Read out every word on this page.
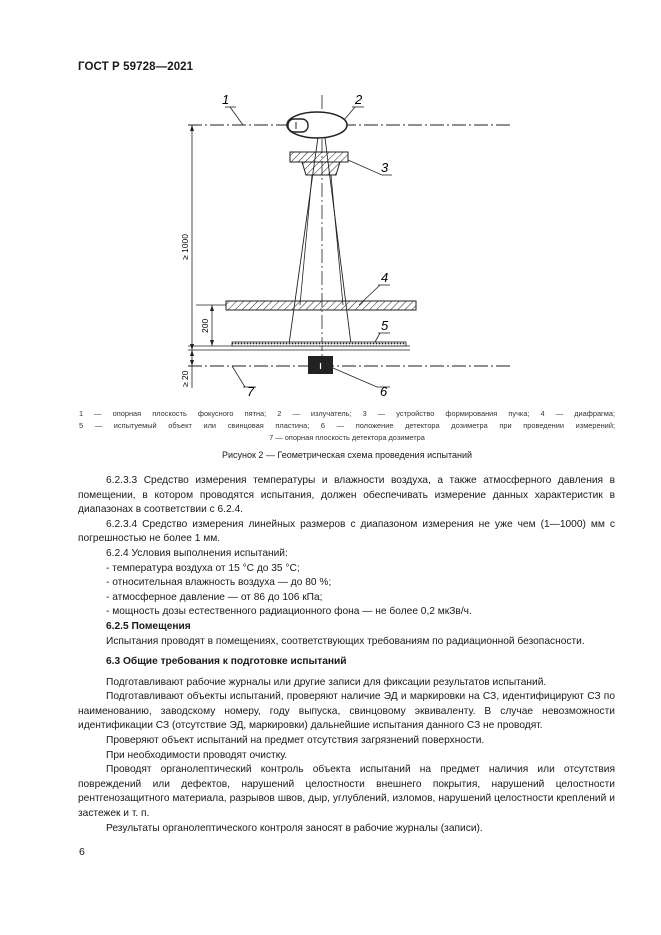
ГОСТ Р 59728—2021
1	2
3
4
5
6
7
≥ 1000
200
≥ 20
1 — опорная плоскость фокусного пятна; 2 — излучатель; 3 — устройство формирования пучка; 4 — диафрагма;
5 — испытуемый объект или свинцовая пластина; 6 — положение детектора дозиметра при проведении измерений;
7 — опорная плоскость детектора дозиметра
Рисунок 2 — Геометрическая схема проведения испытаний

6.2.3.3 Средство измерения температуры и влажности воздуха, а также атмосферного давления в помещении, в котором проводятся испытания, должен обеспечивать измерение данных характеристик в диапазонах в соответствии с 6.2.4.

6.2.3.4 Средство измерения линейных размеров с диапазоном измерения не уже чем (1—1000) мм с погрешностью не более 1 мм.

6.2.4 Условия выполнения испытаний:

- температура воздуха от 15 °С до 35 °С;

- относительная влажность воздуха — до 80 %;

- атмосферное давление — от 86 до 106 кПа;

- мощность дозы естественного радиационного фона — не более 0,2 мкЗв/ч.

6.2.5 Помещения

Испытания проводят в помещениях, соответствующих требованиям по радиационной безопасности.

6.3 Общие требования к подготовке испытаний

Подготавливают рабочие журналы или другие записи для фиксации результатов испытаний.

Подготавливают объекты испытаний, проверяют наличие ЭД и маркировки на СЗ, идентифицируют СЗ по наименованию, заводскому номеру, году выпуска, свинцовому эквиваленту. В случае невозможности идентификации СЗ (отсутствие ЭД, маркировки) дальнейшие испытания данного СЗ не проводят.

Проверяют объект испытаний на предмет отсутствия загрязнений поверхности.

При необходимости проводят очистку.

Проводят органолептический контроль объекта испытаний на предмет наличия или отсутствия повреждений или дефектов, нарушений целостности внешнего покрытия, нарушений целостности рентгенозащитного материала, разрывов швов, дыр, углублений, изломов, нарушений целостности креплений и застежек и т. п.

Результаты органолептического контроля заносят в рабочие журналы (записи).

6
